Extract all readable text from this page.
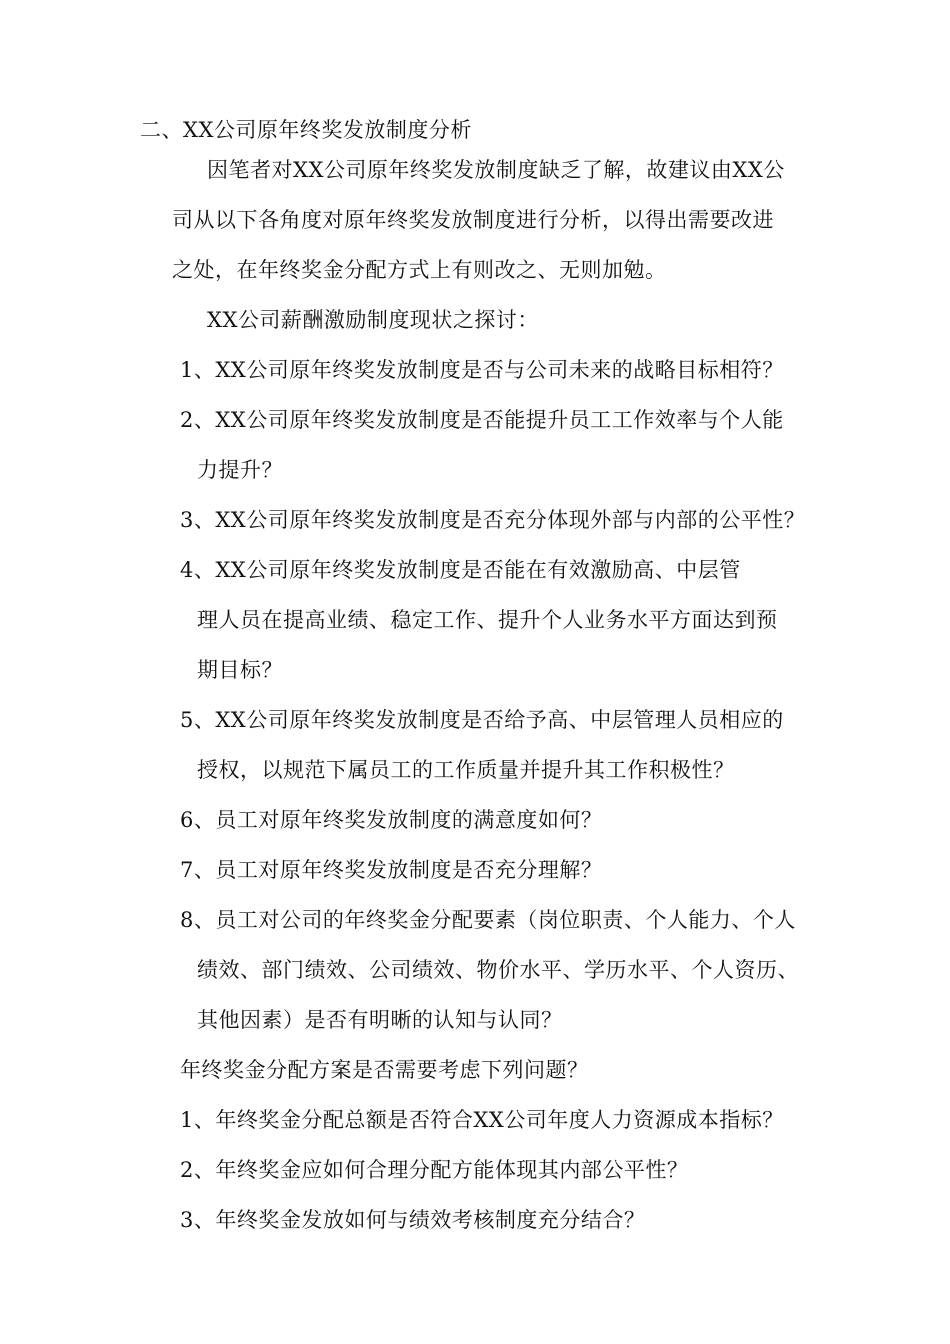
二、XX公司原年终奖发放制度分析
因笔者对XX公司原年终奖发放制度缺乏了解，故建议由XX公
司从以下各角度对原年终奖发放制度进行分析，以得出需要改进
之处，在年终奖金分配方式上有则改之、无则加勉。
XX公司薪酬激励制度现状之探讨：
1、XX公司原年终奖发放制度是否与公司未来的战略目标相符？
2、XX公司原年终奖发放制度是否能提升员工工作效率与个人能
力提升？
3、XX公司原年终奖发放制度是否充分体现外部与内部的公平性？
4、XX公司原年终奖发放制度是否能在有效激励高、中层管
理人员在提高业绩、稳定工作、提升个人业务水平方面达到预
期目标？
5、XX公司原年终奖发放制度是否给予高、中层管理人员相应的
授权，以规范下属员工的工作质量并提升其工作积极性？
6、员工对原年终奖发放制度的满意度如何？
7、员工对原年终奖发放制度是否充分理解？
8、员工对公司的年终奖金分配要素（岗位职责、个人能力、个人
绩效、部门绩效、公司绩效、物价水平、学历水平、个人资历、
其他因素）是否有明晰的认知与认同？
年终奖金分配方案是否需要考虑下列问题？
1、年终奖金分配总额是否符合XX公司年度人力资源成本指标？
2、年终奖金应如何合理分配方能体现其内部公平性？
3、年终奖金发放如何与绩效考核制度充分结合？
